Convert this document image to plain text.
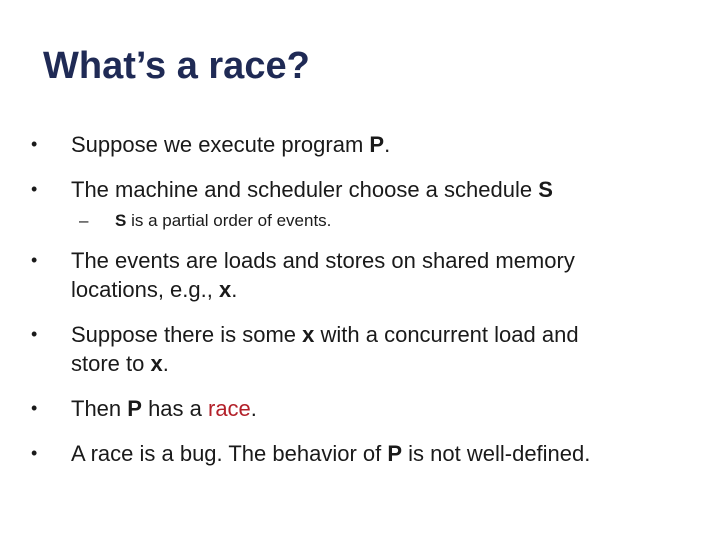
What’s a race?
• Suppose we execute program P.
• The machine and scheduler choose a schedule S
– S is a partial order of events.
• The events are loads and stores on shared memory
locations, e.g., x.
• Suppose there is some x with a concurrent load and
store to x.
• Then P has a race.
• A race is a bug. The behavior of P is not well-defined.
